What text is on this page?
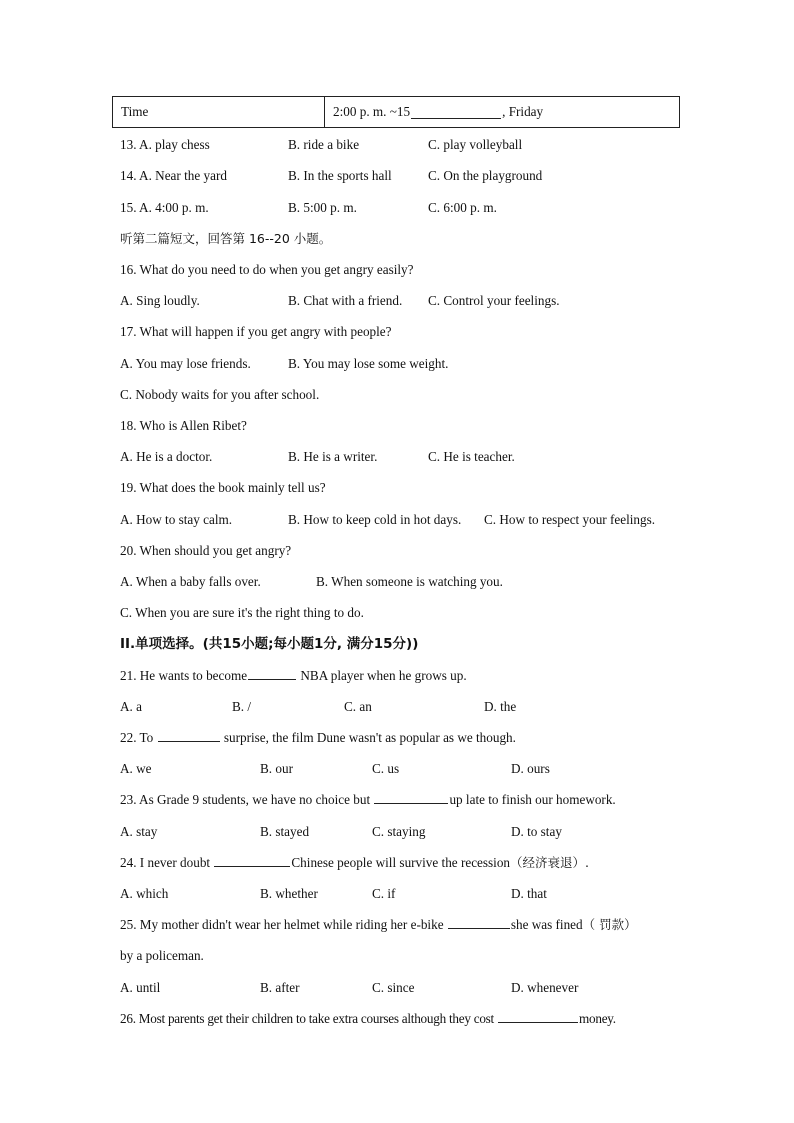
Time	2:00 p. m. ~15	, Friday
13. A. play chess	B. ride a bike	C. play volleyball
14. A. Near the yard	B. In the sports hall	C. On the playground
15. A. 4:00 p. m.	B. 5:00 p. m.	C. 6:00 p. m.
听第二篇短文，回答第 16--20 小题。
16. What do you need to do when you get angry easily?
A. Sing loudly.	B. Chat with a friend. C. Control your feelings.
17. What will happen if you get angry with people?
A. You may lose friends.	B. You may lose some weight.
C. Nobody waits for you after school.
18. Who is Allen Ribet?
A. He is a doctor.	B. He is a writer.	C. He is teacher.
19. What does the book mainly tell us?
A. How to stay calm.	B. How to keep cold in hot days. C. How to respect your feelings.
20. When should you get angry?
A. When a baby falls over.	B. When someone is watching you.
C. When you are sure it's the right thing to do.
II.单项选择。(共15小题;每小题1分, 满分15分))
21. He wants to become	NBA player when he grows up.
A. a	B. /	C. an	D. the
22. To	surprise, the film Dune wasn't as popular as we though.
A. we	B. our	C. us	D. ours
23. As Grade 9 students, we have no choice but	up late to finish our homework.
A. stay	B. stayed	C. staying	D. to stay
24. I never doubt	Chinese people will survive the recession（经济衰退）.
A. which	B. whether	C. if	D. that
25. My mother didn't wear her helmet while riding her e-bike	she was fined（ 罚款）
by a policeman.
A. until	B. after	C. since	D. whenever
26. Most parents get their children to take extra courses although they cost	money.
